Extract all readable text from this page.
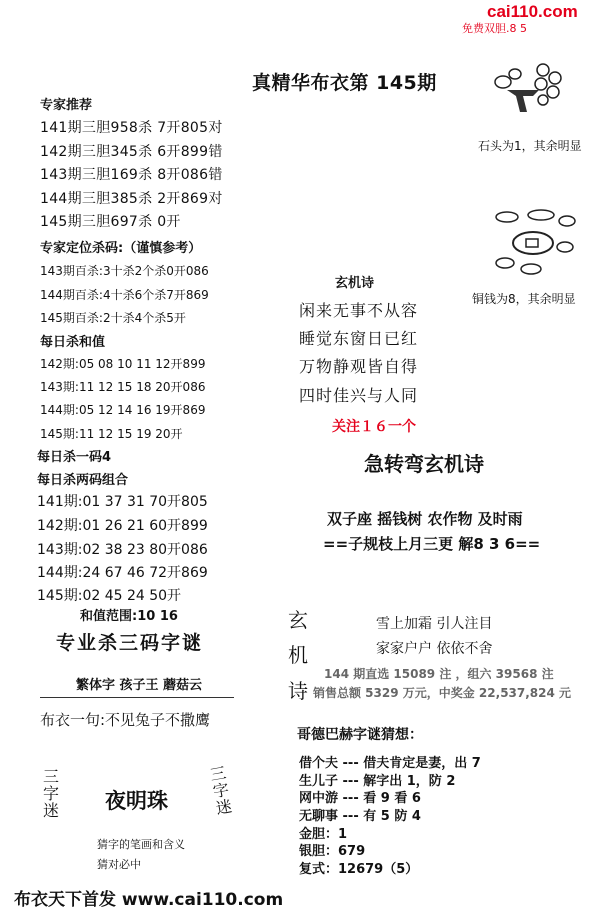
cai110.com
免费双胆.8 5
真精华布衣第 145期
专家推荐
141期三胆958杀 7开805对
142期三胆345杀 6开899错
143期三胆169杀 8开086错
144期三胆385杀 2开869对
145期三胆697杀 0开
专家定位杀码:（谨慎参考）
143期百杀:3十杀2个杀0开086
144期百杀:4十杀6个杀7开869
145期百杀:2十杀4个杀5开
每日杀和值
142期:05 08 10 11 12开899
143期:11 12 15 18 20开086
144期:05 12 14 16 19开869
145期:11 12 15 19 20开
每日杀一码4
每日杀两码组合
141期:01 37 31 70开805
142期:01 26 21 60开899
143期:02 38 23 80开086
144期:24 67 46 72开869
145期:02 45 24 50开
和值范围:10 16
专业杀三码字谜
繁体字 孩子王 蘑菇云
布衣一句:不见兔子不撒鹰
三字迷 夜明珠
三字迷
猜字的笔画和含义
猜对必中
石头为1，其余明显
铜钱为8，其余明显
玄机诗
闲来无事不从容
睡觉东窗日已红
万物静观皆自得
四时佳兴与人同
关注１６一个
急转弯玄机诗
双子座 摇钱树 农作物 及时雨
==子规枝上月三更 解8 3 6==
玄
机
诗
雪上加霜 引人注目
家家户户 依依不舍
144 期直选 15089 注 ，组六 39568 注
销售总额 5329 万元，中奖金 22,537,824 元
哥德巴赫字谜猜想：
借个夫 --- 借夫肯定是妻，出 7
生儿子 --- 解字出 1，防 2
网中游 --- 看 9 看 6
无聊事 --- 有 5 防 4
金胆：1
银胆：679
复式：12679（5）
布衣天下首发 www.cai110.com
